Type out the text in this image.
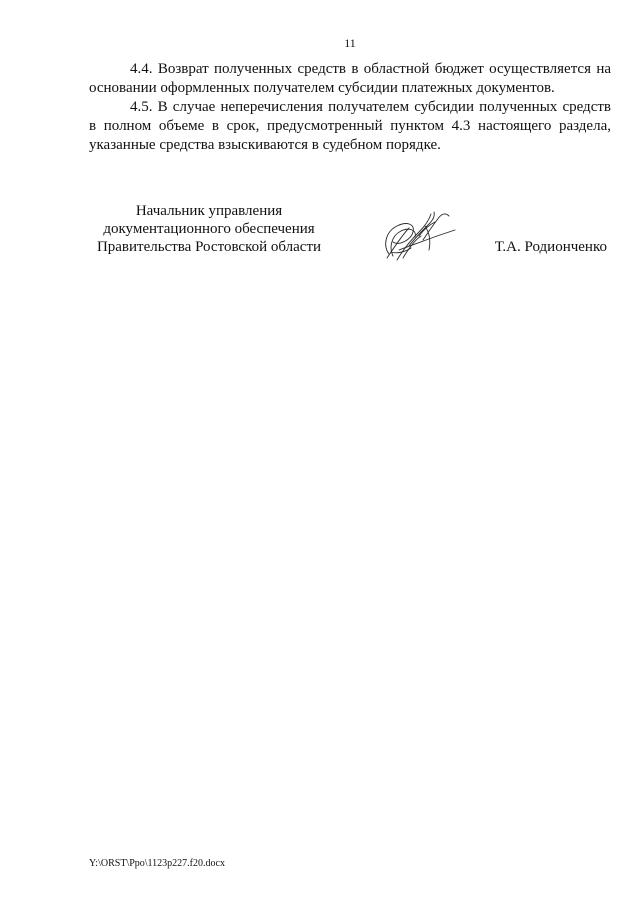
11

4.4. Возврат полученных средств в областной бюджет осуществляется на основании оформленных получателем субсидии платежных документов.

4.5. В случае неперечисления получателем субсидии полученных средств в полном объеме в срок, предусмотренный пунктом 4.3 настоящего раздела, указанные средства взыскиваются в судебном порядке.

Начальник управления
документационного обеспечения
Правительства Ростовской области	Т.А. Родионченко
Y:\ORST\Ppo\1123p227.f20.docx
